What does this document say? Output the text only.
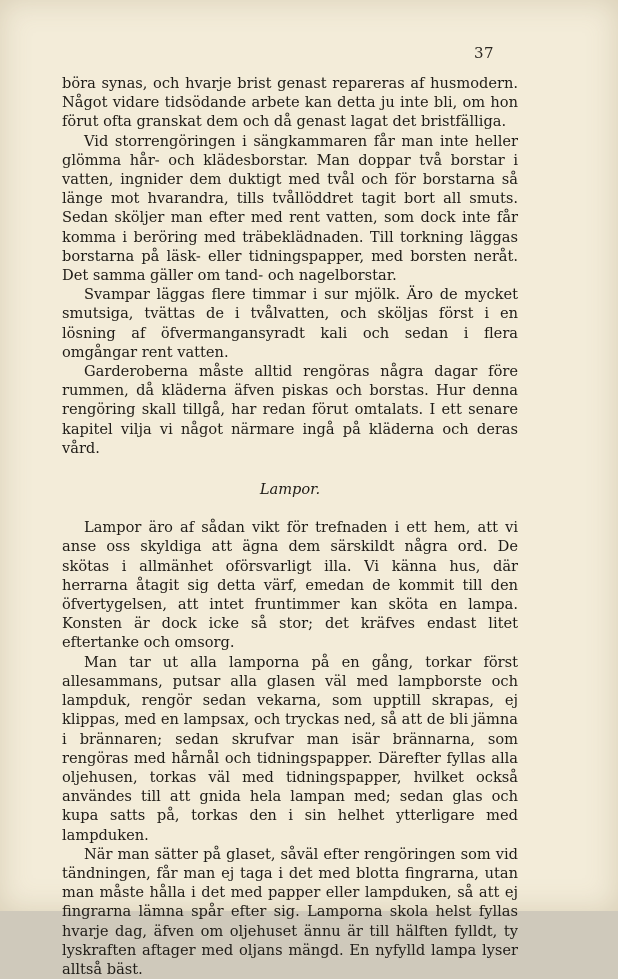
37

böra synas, och hvarje brist genast repareras af husmodern. Något vidare tidsödande arbete kan detta ju inte bli, om hon förut ofta granskat dem och då genast lagat det bristfälliga.

Vid storrengöringen i sängkammaren får man inte heller glömma hår- och klädesborstar. Man doppar två borstar i vatten, ingnider dem duktigt med tvål och för borstarna så länge mot hvarandra, tills tvållöddret tagit bort all smuts. Sedan sköljer man efter med rent vatten, som dock inte får komma i beröring med träbeklädnaden. Till torkning läggas borstarna på läsk- eller tidningspapper, med borsten neråt. Det samma gäller om tand- och nagelborstar.

Svampar läggas flere timmar i sur mjölk. Äro de mycket smutsiga, tvättas de i tvålvatten, och sköljas först i en lösning af öfvermangansyradt kali och sedan i flera omgångar rent vatten.

Garderoberna måste alltid rengöras några dagar före rummen, då kläderna äfven piskas och borstas. Hur denna rengöring skall tillgå, har redan förut omtalats. I ett senare kapitel vilja vi något närmare ingå på kläderna och deras vård.

Lampor.

Lampor äro af sådan vikt för trefnaden i ett hem, att vi anse oss skyldiga att ägna dem särskildt några ord. De skötas i allmänhet oförsvarligt illa. Vi känna hus, där herrarna åtagit sig detta värf, emedan de kommit till den öfvertygelsen, att intet fruntimmer kan sköta en lampa. Konsten är dock icke så stor; det kräfves endast litet eftertanke och omsorg.

Man tar ut alla lamporna på en gång, torkar först allesammans, putsar alla glasen väl med lampborste och lampduk, rengör sedan vekarna, som upptill skrapas, ej klippas, med en lampsax, och tryckas ned, så att de bli jämna i brännaren; sedan skrufvar man isär brännarna, som rengöras med hårnål och tidningspapper. Därefter fyllas alla oljehusen, torkas väl med tidningspapper, hvilket också användes till att gnida hela lampan med; sedan glas och kupa satts på, torkas den i sin helhet ytterligare med lampduken.

När man sätter på glaset, såväl efter rengöringen som vid tändningen, får man ej taga i det med blotta fingrarna, utan man måste hålla i det med papper eller lampduken, så att ej fingrarna lämna spår efter sig. Lamporna skola helst fyllas hvarje dag, äfven om oljehuset ännu är till hälften fylldt, ty lyskraften aftager med oljans mängd. En nyfylld lampa lyser alltså bäst.
